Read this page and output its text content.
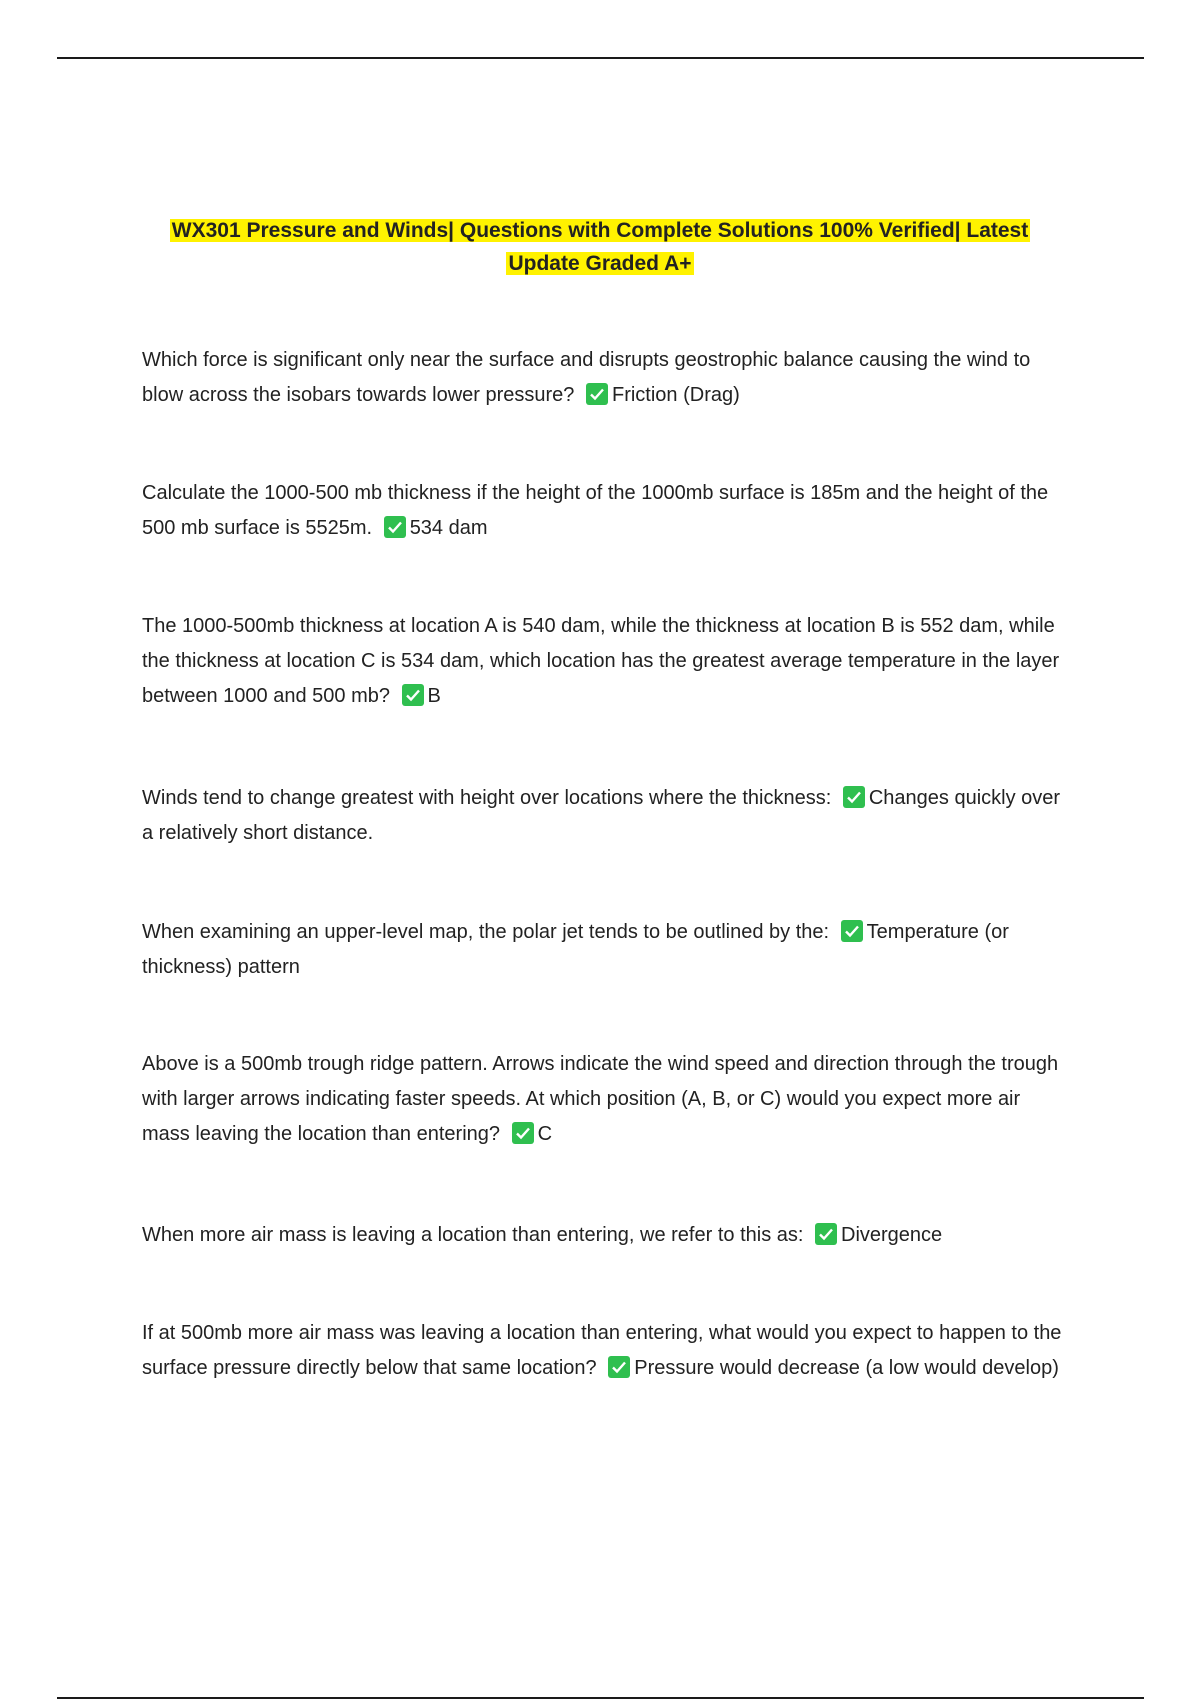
WX301 Pressure and Winds| Questions with Complete Solutions 100% Verified| Latest
Update Graded A+
Which force is significant only near the surface and disrupts geostrophic balance causing the wind to blow across the isobars towards lower pressure? Friction (Drag)
Calculate the 1000-500 mb thickness if the height of the 1000mb surface is 185m and the height of the 500 mb surface is 5525m. 534 dam
The 1000-500mb thickness at location A is 540 dam, while the thickness at location B is 552 dam, while the thickness at location C is 534 dam, which location has the greatest average temperature in the layer between 1000 and 500 mb? B
Winds tend to change greatest with height over locations where the thickness: Changes quickly over a relatively short distance.
When examining an upper-level map, the polar jet tends to be outlined by the: Temperature (or thickness) pattern
Above is a 500mb trough ridge pattern. Arrows indicate the wind speed and direction through the trough with larger arrows indicating faster speeds. At which position (A, B, or C) would you expect more air mass leaving the location than entering? C
When more air mass is leaving a location than entering, we refer to this as: Divergence
If at 500mb more air mass was leaving a location than entering, what would you expect to happen to the surface pressure directly below that same location? Pressure would decrease (a low would develop)
